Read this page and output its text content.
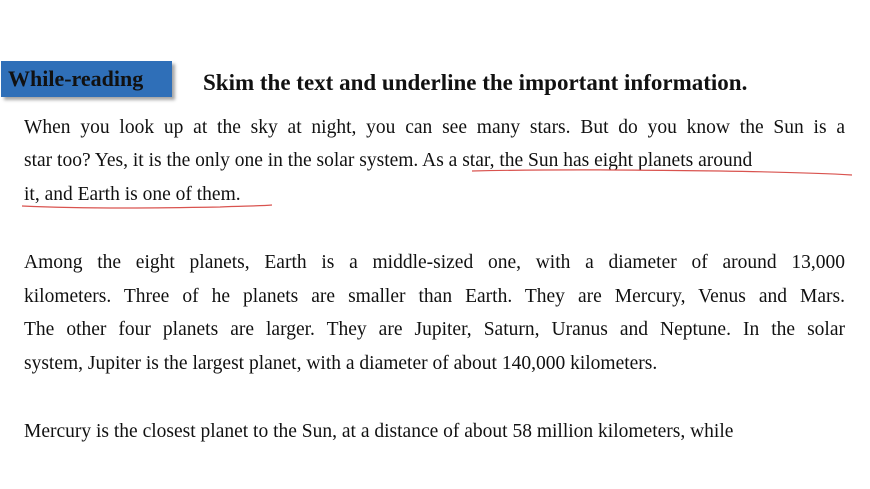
While-reading	Skim the text and underline the important information.
When you look up at the sky at night, you can see many stars. But do you know the Sun is a
star too? Yes, it is the only one in the solar system. As a star, the Sun has eight planets around
it, and Earth is one of them.
Among the eight planets, Earth is a middle-sized one, with a diameter of around 13,000
kilometers. Three of he planets are smaller than Earth. They are Mercury, Venus and Mars.
The other four planets are larger. They are Jupiter, Saturn, Uranus and Neptune. In the solar
system, Jupiter is the largest planet, with a diameter of about 140,000 kilometers.
Mercury is the closest planet to the Sun, at a distance of about 58 million kilometers, while
